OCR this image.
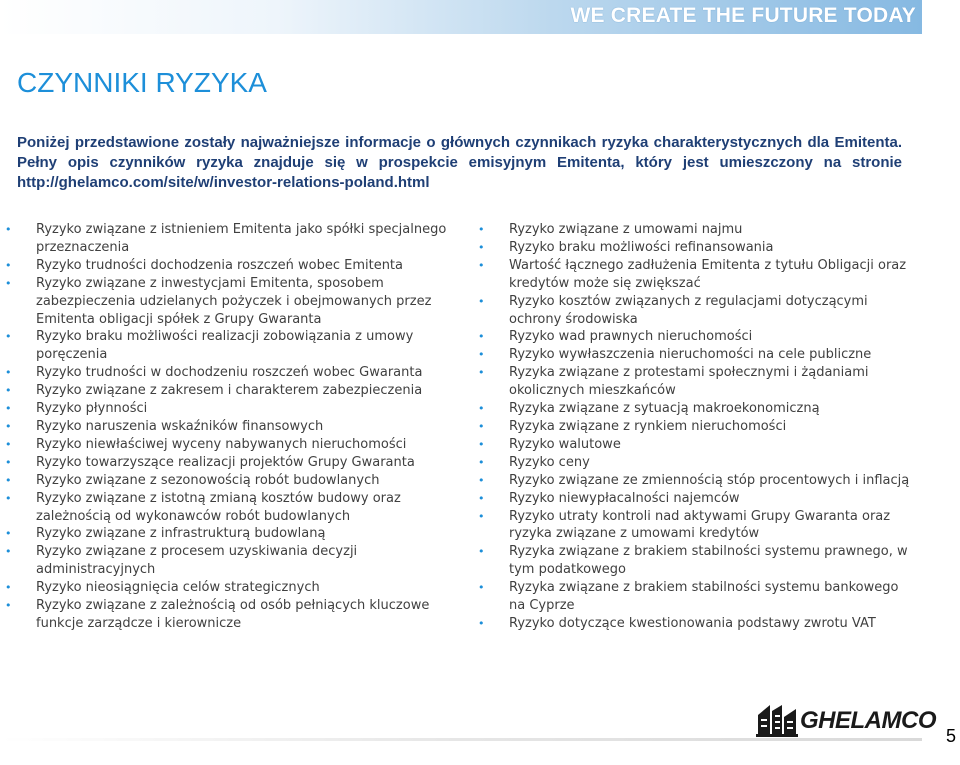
WE CREATE THE FUTURE TODAY
CZYNNIKI RYZYKA

Poniżej przedstawione zostały najważniejsze informacje o głównych czynnikach ryzyka charakterystycznych dla Emitenta. Pełny opis czynników ryzyka znajduje się w prospekcie emisyjnym Emitenta, który jest umieszczony na stronie http://ghelamco.com/site/w/investor-relations-poland.html

• Ryzyko związane z istnieniem Emitenta jako spółki specjalnego przeznaczenia
• Ryzyko trudności dochodzenia roszczeń wobec Emitenta
• Ryzyko związane z inwestycjami Emitenta, sposobem zabezpieczenia udzielanych pożyczek i obejmowanych przez Emitenta obligacji spółek z Grupy Gwaranta
• Ryzyko braku możliwości realizacji zobowiązania z umowy poręczenia
• Ryzyko trudności w dochodzeniu roszczeń wobec Gwaranta
• Ryzyko związane z zakresem i charakterem zabezpieczenia
• Ryzyko płynności
• Ryzyko naruszenia wskaźników finansowych
• Ryzyko niewłaściwej wyceny nabywanych nieruchomości
• Ryzyko towarzyszące realizacji projektów Grupy Gwaranta
• Ryzyko związane z sezonowością robót budowlanych
• Ryzyko związane z istotną zmianą kosztów budowy oraz zależnością od wykonawców robót budowlanych
• Ryzyko związane z infrastrukturą budowlaną
• Ryzyko związane z procesem uzyskiwania decyzji administracyjnych
• Ryzyko nieosiągnięcia celów strategicznych
• Ryzyko związane z zależnością od osób pełniących kluczowe funkcje zarządcze i kierownicze
• Ryzyko związane z umowami najmu
• Ryzyko braku możliwości refinansowania
• Wartość łącznego zadłużenia Emitenta z tytułu Obligacji oraz kredytów może się zwiększać
• Ryzyko kosztów związanych z regulacjami dotyczącymi ochrony środowiska
• Ryzyko wad prawnych nieruchomości
• Ryzyko wywłaszczenia nieruchomości na cele publiczne
• Ryzyka związane z protestami społecznymi i żądaniami okolicznych mieszkańców
• Ryzyka związane z sytuacją makroekonomiczną
• Ryzyka związane z rynkiem nieruchomości
• Ryzyko walutowe
• Ryzyko ceny
• Ryzyko związane ze zmiennością stóp procentowych i inflacją
• Ryzyko niewypłacalności najemców
• Ryzyko utraty kontroli nad aktywami Grupy Gwaranta oraz ryzyka związane z umowami kredytów
• Ryzyka związane z brakiem stabilności systemu prawnego, w tym podatkowego
• Ryzyka związane z brakiem stabilności systemu bankowego na Cyprze
• Ryzyko dotyczące kwestionowania podstawy zwrotu VAT
GHELAMCO
5
